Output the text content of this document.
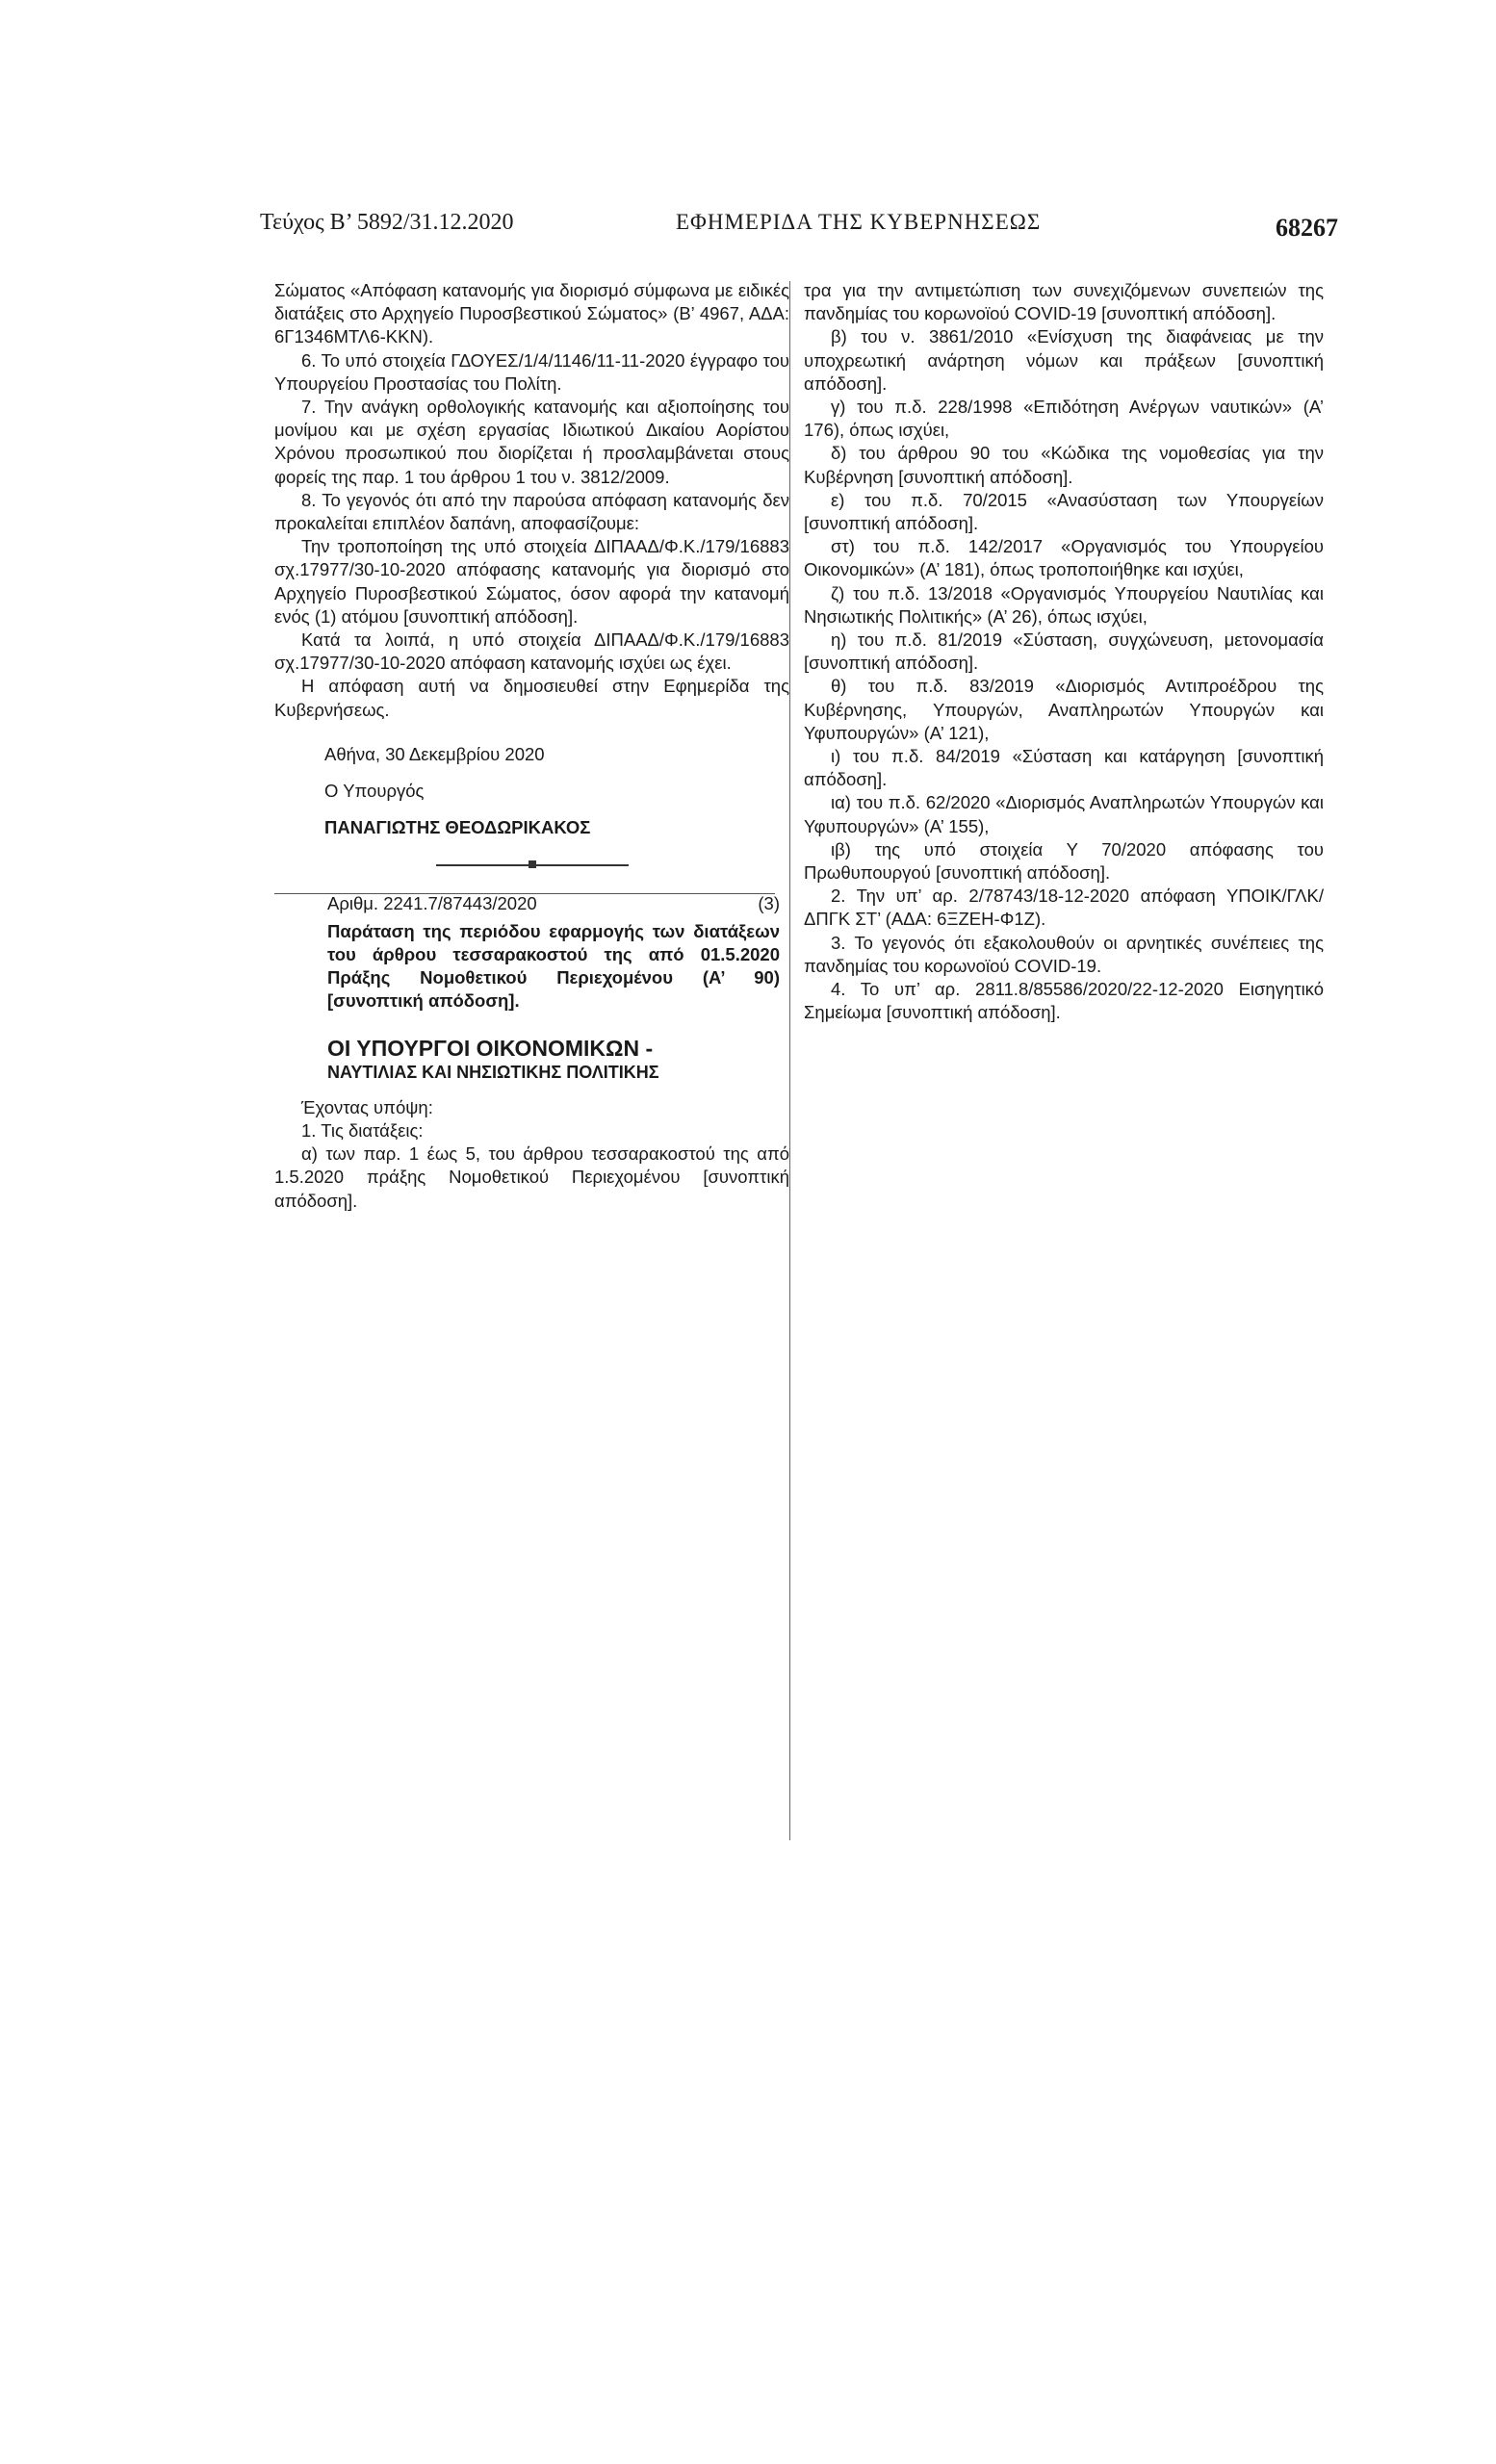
Τεύχος Β’ 5892/31.12.2020	ΕΦΗΜΕΡΙΔΑ ΤΗΣ ΚΥΒΕΡΝΗΣΕΩΣ	68267

Σώματος «Απόφαση κατανομής για διορισμό σύμφωνα με ειδικές διατάξεις στο Αρχηγείο Πυροσβεστικού Σώματος» (Β’ 4967, ΑΔΑ: 6Γ1346ΜΤΛ6-ΚΚΝ).

6. Το υπό στοιχεία ΓΔΟΥΕΣ/1/4/1146/11-11-2020 έγγραφο του Υπουργείου Προστασίας του Πολίτη.

7. Την ανάγκη ορθολογικής κατανομής και αξιοποίησης του μονίμου και με σχέση εργασίας Ιδιωτικού Δικαίου Αορίστου Χρόνου προσωπικού που διορίζεται ή προσλαμβάνεται στους φορείς της παρ. 1 του άρθρου 1 του ν. 3812/2009.

8. Το γεγονός ότι από την παρούσα απόφαση κατανομής δεν προκαλείται επιπλέον δαπάνη, αποφασίζουμε:

Την τροποποίηση της υπό στοιχεία ΔΙΠΑΑΔ/Φ.Κ./179/16883 σχ.17977/30-10-2020 απόφασης κατανομής για διορισμό στο Αρχηγείο Πυροσβεστικού Σώματος, όσον αφορά την κατανομή ενός (1) ατόμου [συνοπτική απόδοση].

Κατά τα λοιπά, η υπό στοιχεία ΔΙΠΑΑΔ/Φ.Κ./179/16883 σχ.17977/30-10-2020 απόφαση κατανομής ισχύει ως έχει.

Η απόφαση αυτή να δημοσιευθεί στην Εφημερίδα της Κυβερνήσεως.

Αθήνα, 30 Δεκεμβρίου 2020

Ο Υπουργός

ΠΑΝΑΓΙΩΤΗΣ ΘΕΟΔΩΡΙΚΑΚΟΣ

Αριθμ. 2241.7/87443/2020	(3)

Παράταση της περιόδου εφαρμογής των διατάξεων του άρθρου τεσσαρακοστού της από 01.5.2020 Πράξης Νομοθετικού Περιεχομένου (Α’ 90) [συνοπτική απόδοση].

ΟΙ ΥΠΟΥΡΓΟΙ ΟΙΚΟΝΟΜΙΚΩΝ -
ΝΑΥΤΙΛΙΑΣ ΚΑΙ ΝΗΣΙΩΤΙΚΗΣ ΠΟΛΙΤΙΚΗΣ

Έχοντας υπόψη:

1. Τις διατάξεις:

α) των παρ. 1 έως 5, του άρθρου τεσσαρακοστού της από 1.5.2020 πράξης Νομοθετικού Περιεχομένου [συνοπτική απόδοση].

τρα για την αντιμετώπιση των συνεχιζόμενων συνεπειών της πανδημίας του κορωνοϊού COVID-19 [συνοπτική απόδοση].

β) του ν. 3861/2010 «Ενίσχυση της διαφάνειας με την υποχρεωτική ανάρτηση νόμων και πράξεων [συνοπτική απόδοση].

γ) του π.δ. 228/1998 «Επιδότηση Ανέργων ναυτικών» (Α’ 176), όπως ισχύει,

δ) του άρθρου 90 του «Κώδικα της νομοθεσίας για την Κυβέρνηση [συνοπτική απόδοση].

ε) του π.δ. 70/2015 «Ανασύσταση των Υπουργείων [συνοπτική απόδοση].

στ) του π.δ. 142/2017 «Οργανισμός του Υπουργείου Οικονομικών» (Α’ 181), όπως τροποποιήθηκε και ισχύει,

ζ) του π.δ. 13/2018 «Οργανισμός Υπουργείου Ναυτιλίας και Νησιωτικής Πολιτικής» (Α’ 26), όπως ισχύει,

η) του π.δ. 81/2019 «Σύσταση, συγχώνευση, μετονομασία [συνοπτική απόδοση].

θ) του π.δ. 83/2019 «Διορισμός Αντιπροέδρου της Κυβέρνησης, Υπουργών, Αναπληρωτών Υπουργών και Υφυπουργών» (Α’ 121),

ι) του π.δ. 84/2019 «Σύσταση και κατάργηση [συνοπτική απόδοση].

ια) του π.δ. 62/2020 «Διορισμός Αναπληρωτών Υπουργών και Υφυπουργών» (Α’ 155),

ιβ) της υπό στοιχεία Υ 70/2020 απόφασης του Πρωθυπουργού [συνοπτική απόδοση].

2. Την υπ’ αρ. 2/78743/18-12-2020 απόφαση ΥΠΟΙΚ/ΓΛΚ/ΔΠΓΚ ΣΤ’ (ΑΔΑ: 6ΞΖΕΗ-Φ1Ζ).

3. Το γεγονός ότι εξακολουθούν οι αρνητικές συνέπειες της πανδημίας του κορωνοϊού COVID-19.

4. Το υπ’ αρ. 2811.8/85586/2020/22-12-2020 Εισηγητικό Σημείωμα [συνοπτική απόδοση].
